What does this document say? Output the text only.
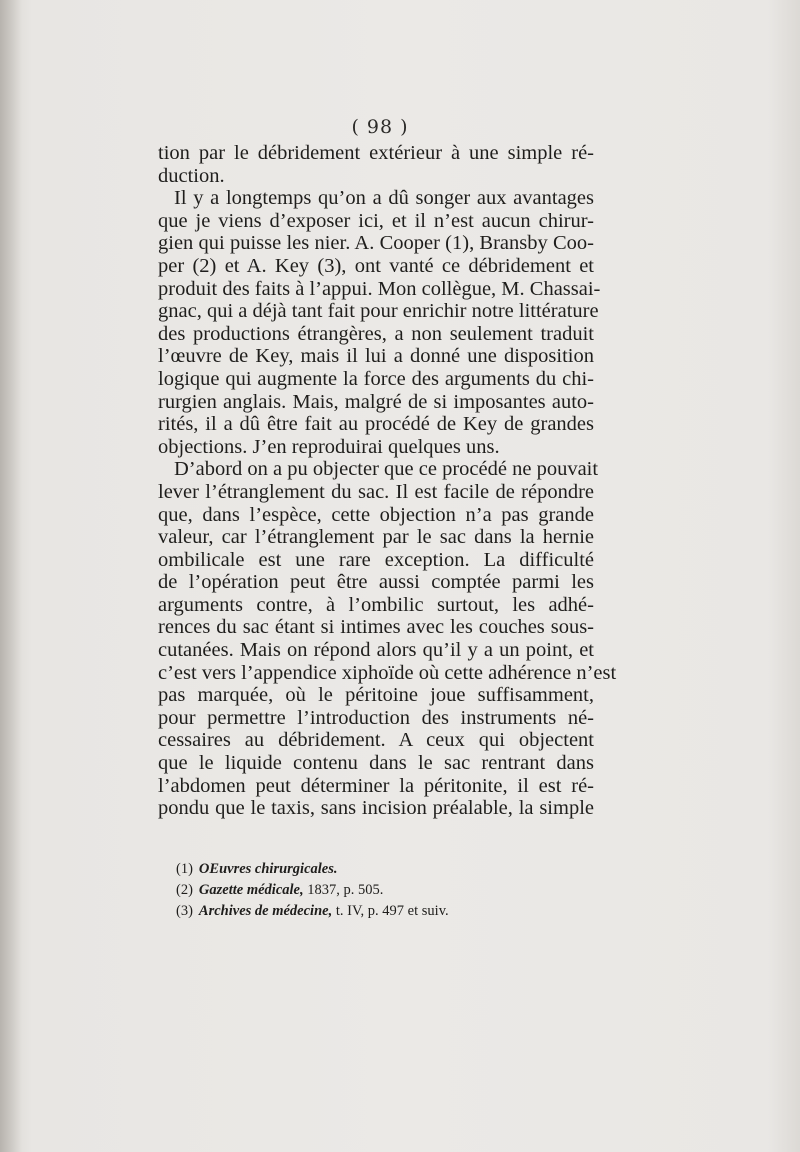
( 98 )
tion par le débridement extérieur à une simple ré-
duction.
Il y a longtemps qu’on a dû songer aux avantages
que je viens d’exposer ici, et il n’est aucun chirur-
gien qui puisse les nier. A. Cooper (1), Bransby Coo-
per (2) et A. Key (3), ont vanté ce débridement et
produit des faits à l’appui. Mon collègue, M. Chassai-
gnac, qui a déjà tant fait pour enrichir notre littérature
des productions étrangères, a non seulement traduit
l’œuvre de Key, mais il lui a donné une disposition
logique qui augmente la force des arguments du chi-
rurgien anglais. Mais, malgré de si imposantes auto-
rités, il a dû être fait au procédé de Key de grandes
objections. J’en reproduirai quelques uns.
D’abord on a pu objecter que ce procédé ne pouvait
lever l’étranglement du sac. Il est facile de répondre
que, dans l’espèce, cette objection n’a pas grande
valeur, car l’étranglement par le sac dans la hernie
ombilicale est une rare exception. La difficulté
de l’opération peut être aussi comptée parmi les
arguments contre, à l’ombilic surtout, les adhé-
rences du sac étant si intimes avec les couches sous-
cutanées. Mais on répond alors qu’il y a un point, et
c’est vers l’appendice xiphoïde où cette adhérence n’est
pas marquée, où le péritoine joue suffisamment,
pour permettre l’introduction des instruments né-
cessaires au débridement. A ceux qui objectent
que le liquide contenu dans le sac rentrant dans
l’abdomen peut déterminer la péritonite, il est ré-
pondu que le taxis, sans incision préalable, la simple
(1) OEuvres chirurgicales.
(2) Gazette médicale, 1837, p. 505.
(3) Archives de médecine, t. IV, p. 497 et suiv.
